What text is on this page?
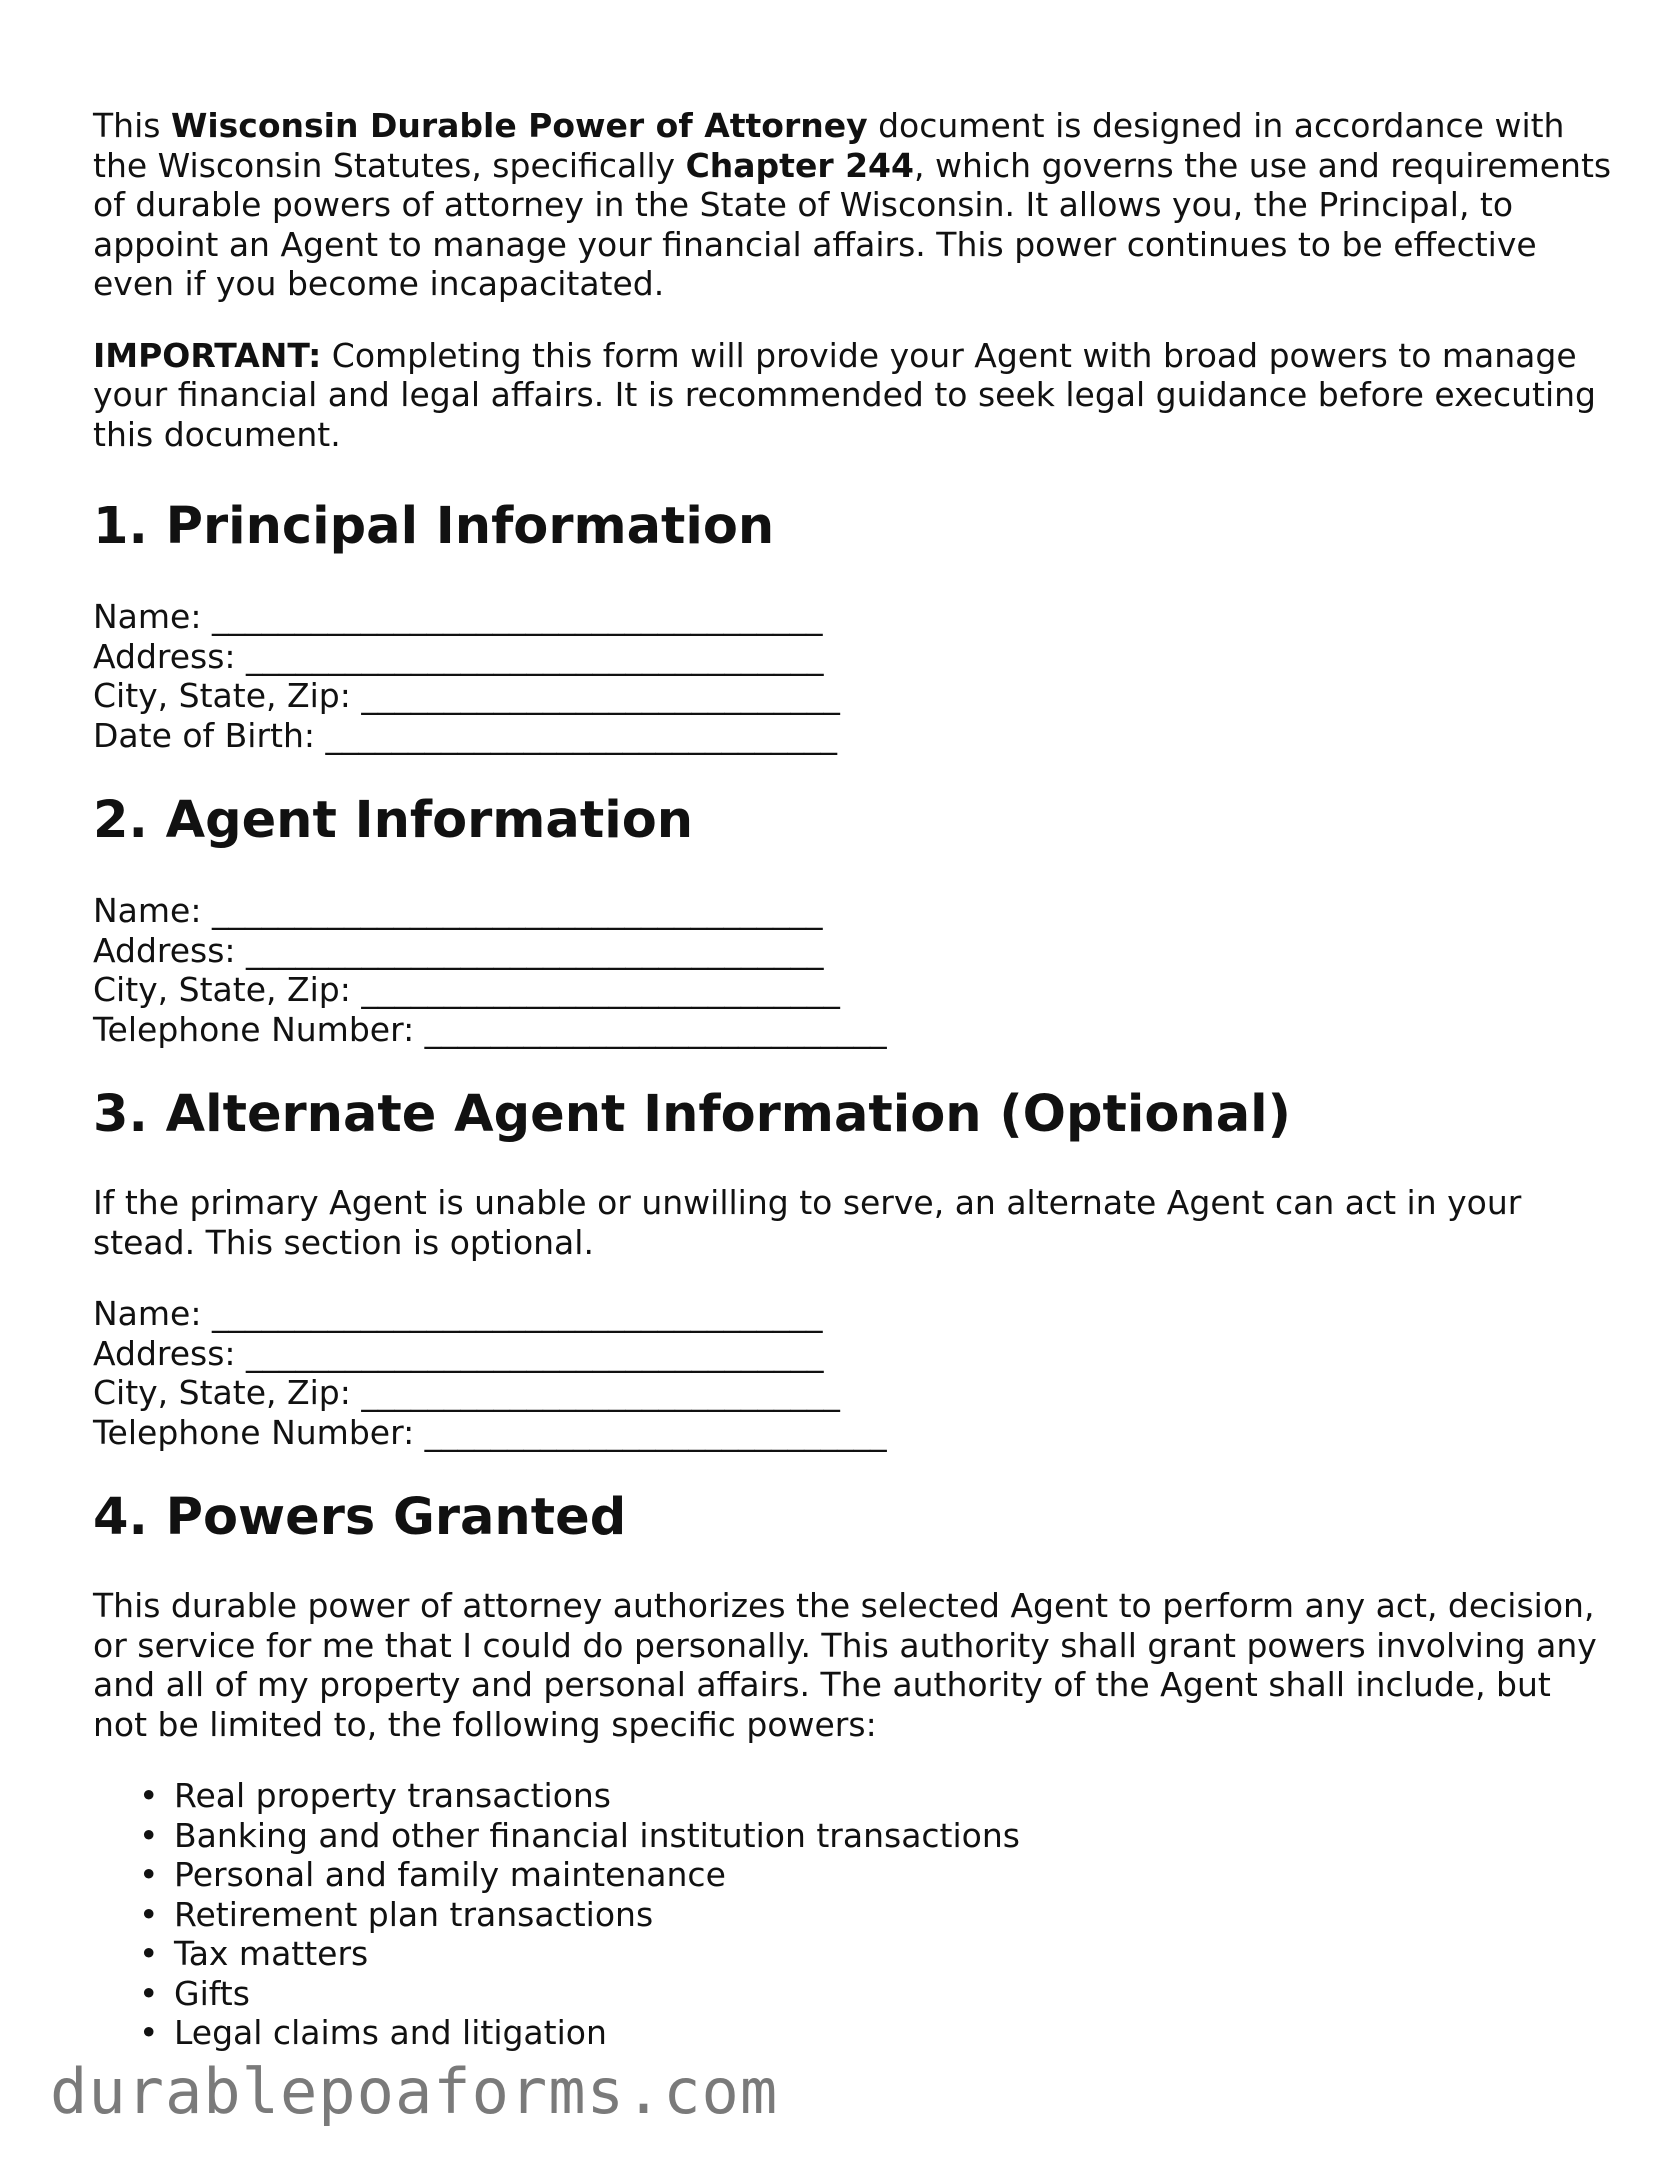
This Wisconsin Durable Power of Attorney document is designed in accordance with the Wisconsin Statutes, specifically Chapter 244, which governs the use and requirements of durable powers of attorney in the State of Wisconsin. It allows you, the Principal, to appoint an Agent to manage your financial affairs. This power continues to be effective even if you become incapacitated.

IMPORTANT: Completing this form will provide your Agent with broad powers to manage your financial and legal affairs. It is recommended to seek legal guidance before executing this document.

1. Principal Information
Name: _____________________________________
Address: ___________________________________
City, State, Zip: _____________________________
Date of Birth: _______________________________
2. Agent Information
Name: _____________________________________
Address: ___________________________________
City, State, Zip: _____________________________
Telephone Number: ____________________________
3. Alternate Agent Information (Optional)

If the primary Agent is unable or unwilling to serve, an alternate Agent can act in your stead. This section is optional.

Name: _____________________________________
Address: ___________________________________
City, State, Zip: _____________________________
Telephone Number: ____________________________
4. Powers Granted

This durable power of attorney authorizes the selected Agent to perform any act, decision, or service for me that I could do personally. This authority shall grant powers involving any and all of my property and personal affairs. The authority of the Agent shall include, but not be limited to, the following specific powers:

• Real property transactions
• Banking and other financial institution transactions
• Personal and family maintenance
• Retirement plan transactions
• Tax matters
• Gifts
• Legal claims and litigation
durablepoaforms.com
